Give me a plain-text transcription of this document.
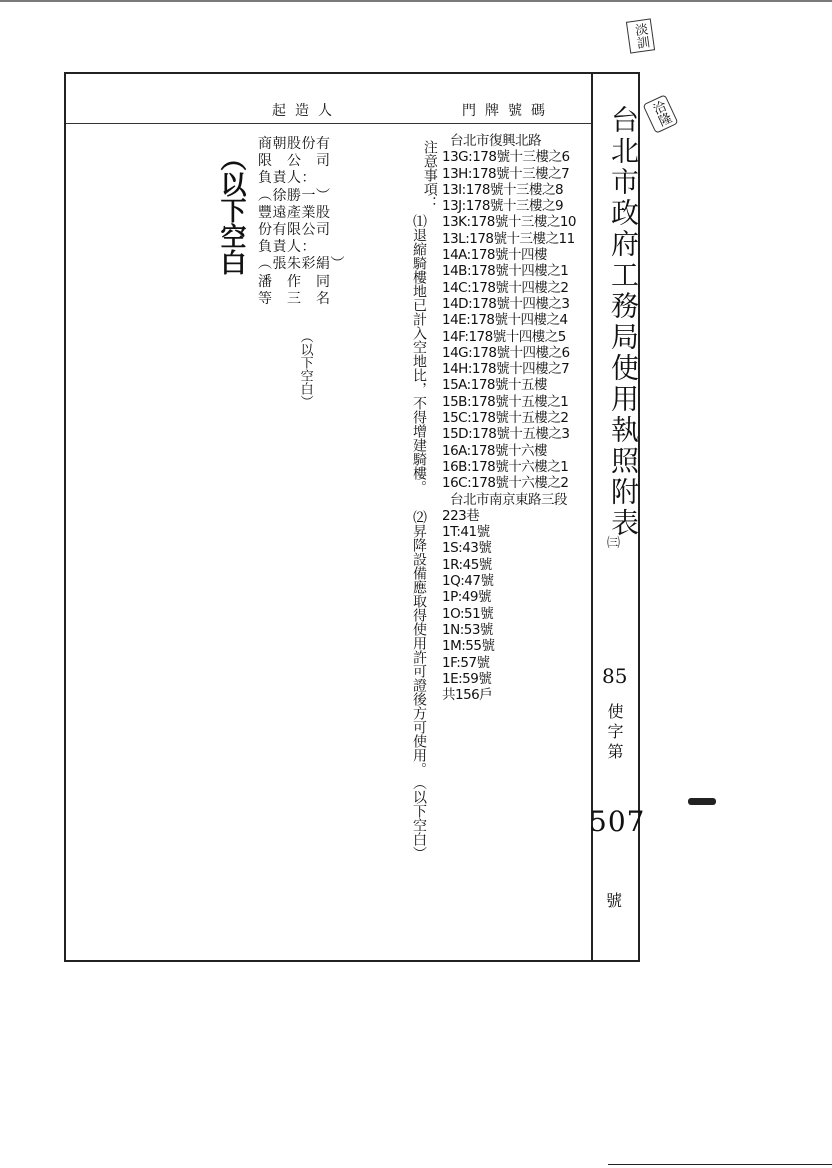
起造人	門牌號碼
︵以下空白
商朝股份有
限　公　司
負責人：
︵徐勝一︶
豐遠產業股
份有限公司
負責人：
︵張朱彩絹︶
潘　作　同
等　三　名
︵以下空白︶
注意事項：
⑴退縮騎樓地已計入空地比，不得增建騎樓。
⑵昇降設備應取得使用許可證後方可使用。︵以下空白︶
台北市復興北路
13G:178號十三樓之6
13H:178號十三樓之7
13I:178號十三樓之8
13J:178號十三樓之9
13K:178號十三樓之10
13L:178號十三樓之11
14A:178號十四樓
14B:178號十四樓之1
14C:178號十四樓之2
14D:178號十四樓之3
14E:178號十四樓之4
14F:178號十四樓之5
14G:178號十四樓之6
14H:178號十四樓之7
15A:178號十五樓
15B:178號十五樓之1
15C:178號十五樓之2
15D:178號十五樓之3
16A:178號十六樓
16B:178號十六樓之1
16C:178號十六樓之2
台北市南京東路三段
223巷
1T:41號
1S:43號
1R:45號
1Q:47號
1P:49號
1O:51號
1N:53號
1M:55號
1F:57號
1E:59號
共156戶
台北市政府工務局使用執照附表
㈢
85
使字第
507
號
淡訓
洽隆
